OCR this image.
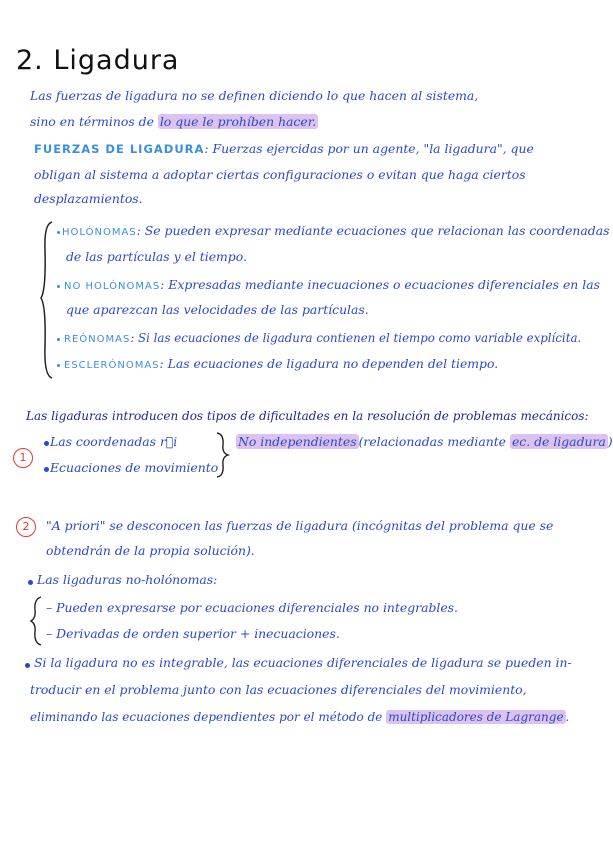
2. Ligadura
Las fuerzas de ligadura no se definen diciendo lo que hacen al sistema,
sino en términos de lo que le prohíben hacer.
FUERZAS DE LIGADURA: Fuerzas ejercidas por un agente, "la ligadura", que
obligan al sistema a adoptar ciertas configuraciones o evitan que haga ciertos
desplazamientos.
HOLÓNOMAS: Se pueden expresar mediante ecuaciones que relacionan las coordenadas
de las partículas y el tiempo.
NO HOLÓNOMAS: Expresadas mediante inecuaciones o ecuaciones diferenciales en las
que aparezcan las velocidades de las partículas.
REÓNOMAS: Si las ecuaciones de ligadura contienen el tiempo como variable explícita.
ESCLERÓNOMAS: Las ecuaciones de ligadura no dependen del tiempo.
Las ligaduras introducen dos tipos de dificultades en la resolución de problemas mecánicos:
1
Las coordenadas r⃗i
Ecuaciones de movimiento
No independientes (relacionadas mediante ec. de ligadura )
2	"A priori" se desconocen las fuerzas de ligadura (incógnitas del problema que se
obtendrán de la propia solución).
Las ligaduras no-holónomas:
– Pueden expresarse por ecuaciones diferenciales no integrables.
– Derivadas de orden superior + inecuaciones.
Si la ligadura no es integrable, las ecuaciones diferenciales de ligadura se pueden in-
troducir en el problema junto con las ecuaciones diferenciales del movimiento,
eliminando las ecuaciones dependientes por el método de multiplicadores de Lagrange .
